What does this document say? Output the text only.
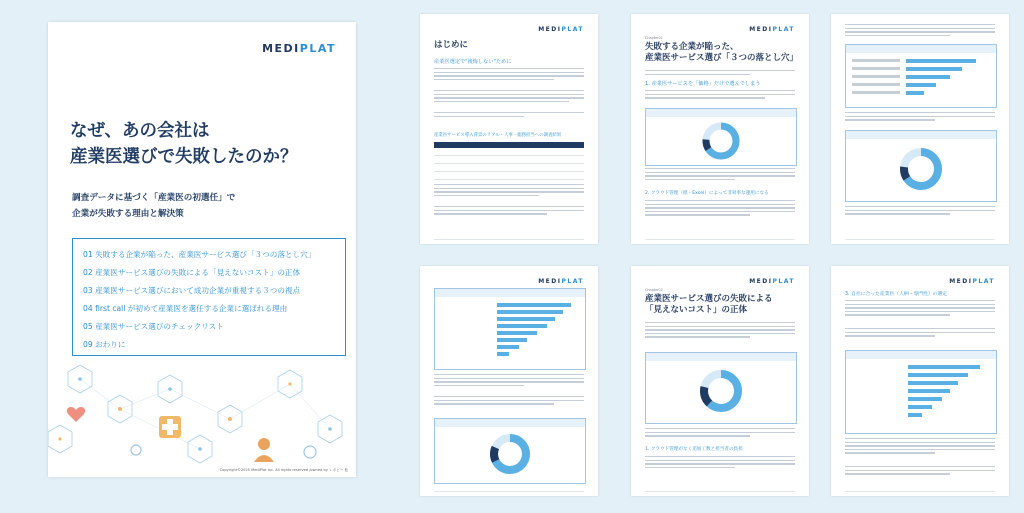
MEDIPLAT
なぜ、あの会社は
産業医選びで失敗したのか？
調査データに基づく「産業医の初選任」で
企業が失敗する理由と解決策
01 失敗する企業が陥った、産業医サービス選び「３つの落とし穴」
02 産業医サービス選びの失敗による「見えないコスト」の正体
03 産業医サービス選びにおいて成功企業が重視する３つの視点
04 first call が初めて産業医を選任する企業に選ばれる理由
05 産業医サービス選びのチェックリスト
09 おわりに
Copyright©2025 MediPlat Inc. All rights reserved /owned by レボビー 他
MEDIPLAT
はじめに
産業医選定で"後悔しない"ために
産業医サービス導入背景のリアル・人事・総務担当への調査結果
MEDIPLAT
Chapter01
失敗する企業が陥った、
産業医サービス選び「３つの落とし穴」
1. 産業医サービスを「価格」だけで選んでしまう
2. クラウド管理（紙・Excel）によって非効率な運用になる
MEDIPLAT	MEDIPLAT
Chapter02
産業医サービス選びの失敗による
「見えないコスト」の正体
1. クラウド管理がなく追加工数と担当者の負担
MEDIPLAT
3. 自社に合った産業医（人柄・専門性）の選定
